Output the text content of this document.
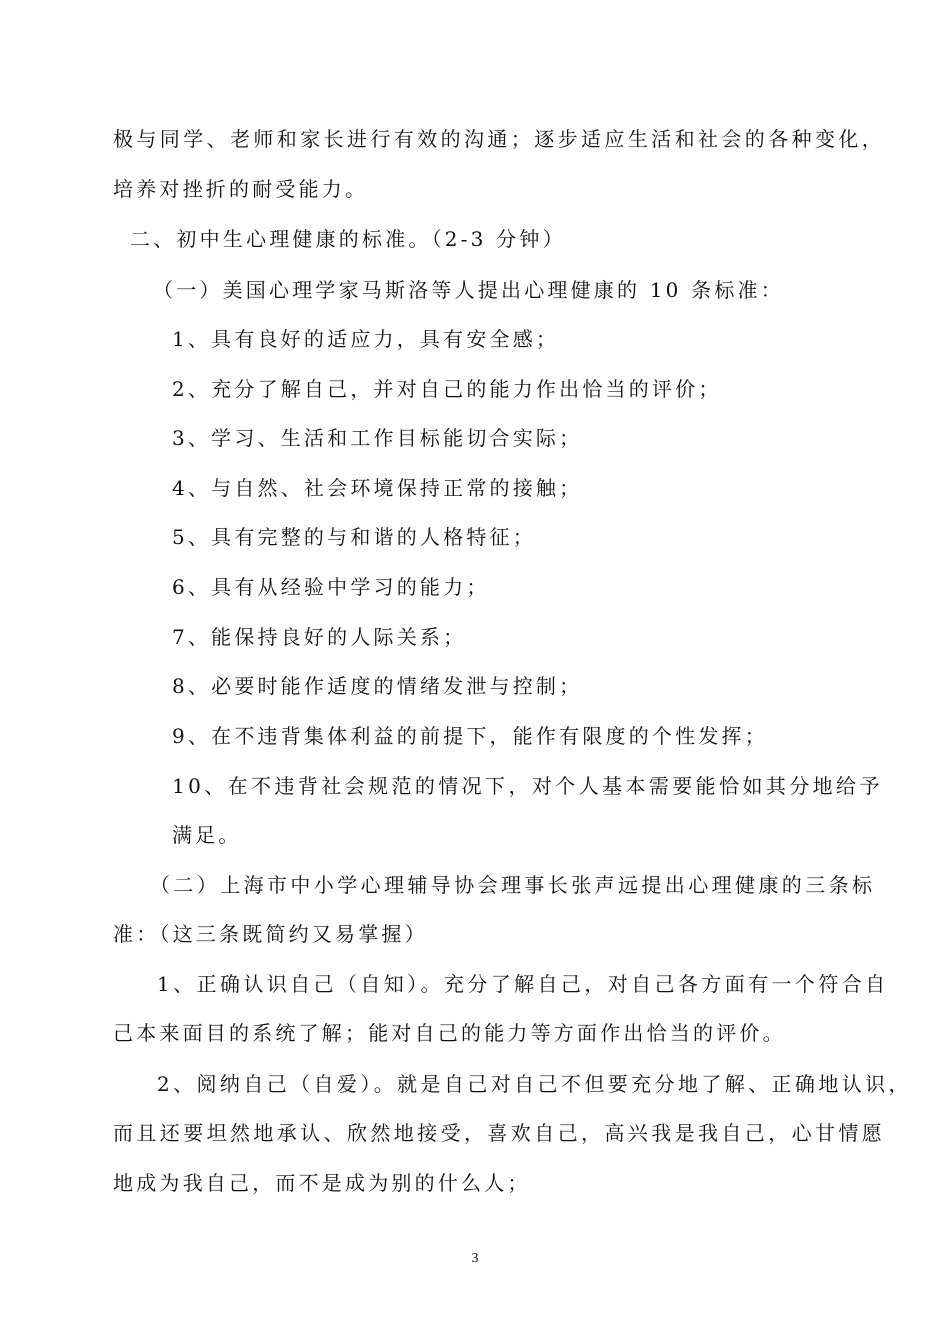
极与同学、老师和家长进行有效的沟通；逐步适应生活和社会的各种变化，
培养对挫折的耐受能力。
二、初中生心理健康的标准。（2-3 分钟）
（一）美国心理学家马斯洛等人提出心理健康的 10 条标准：
1、具有良好的适应力，具有安全感；
2、充分了解自己，并对自己的能力作出恰当的评价；
3、学习、生活和工作目标能切合实际；
4、与自然、社会环境保持正常的接触；
5、具有完整的与和谐的人格特征；
6、具有从经验中学习的能力；
7、能保持良好的人际关系；
8、必要时能作适度的情绪发泄与控制；
9、在不违背集体利益的前提下，能作有限度的个性发挥；
10、在不违背社会规范的情况下，对个人基本需要能恰如其分地给予
满足。
（二）上海市中小学心理辅导协会理事长张声远提出心理健康的三条标
准：（这三条既简约又易掌握）
1、正确认识自己（自知）。充分了解自己，对自己各方面有一个符合自
己本来面目的系统了解；能对自己的能力等方面作出恰当的评价。
2、阅纳自己（自爱）。就是自己对自己不但要充分地了解、正确地认识，
而且还要坦然地承认、欣然地接受，喜欢自己，高兴我是我自己，心甘情愿
地成为我自己，而不是成为别的什么人；
3
